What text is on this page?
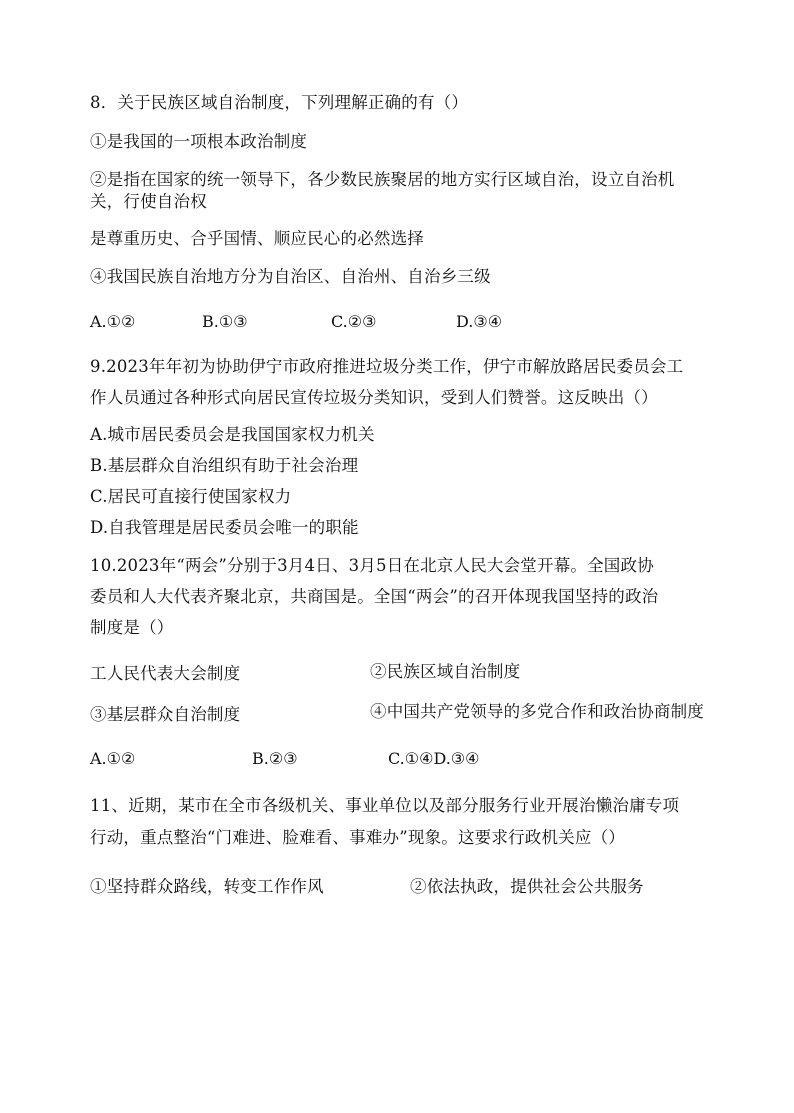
8．关于民族区域自治制度，下列理解正确的有（）
①是我国的一项根本政治制度
②是指在国家的统一领导下，各少数民族聚居的地方实行区域自治，设立自治机
关，行使自治权
是尊重历史、合乎国情、顺应民心的必然选择
④我国民族自治地方分为自治区、自治州、自治乡三级
A.①②	B.①③	C.②③	D.③④
9.2023年年初为协助伊宁市政府推进垃圾分类工作，伊宁市解放路居民委员会工
作人员通过各种形式向居民宣传垃圾分类知识，受到人们赞誉。这反映出（）
A.城市居民委员会是我国国家权力机关
B.基层群众自治组织有助于社会治理
C.居民可直接行使国家权力
D.自我管理是居民委员会唯一的职能
10.2023年“两会”分别于3月4日、3月5日在北京人民大会堂开幕。全国政协
委员和人大代表齐聚北京，共商国是。全国“两会”的召开体现我国坚持的政治
制度是（）
工人民代表大会制度	②民族区域自治制度
③基层群众自治制度	④中国共产党领导的多党合作和政治协商制度
A.①②	B.②③	C.①④D.③④
11、近期，某市在全市各级机关、事业单位以及部分服务行业开展治懒治庸专项
行动，重点整治“门难进、脸难看、事难办”现象。这要求行政机关应（）
①坚持群众路线，转变工作作风	②依法执政，提供社会公共服务
